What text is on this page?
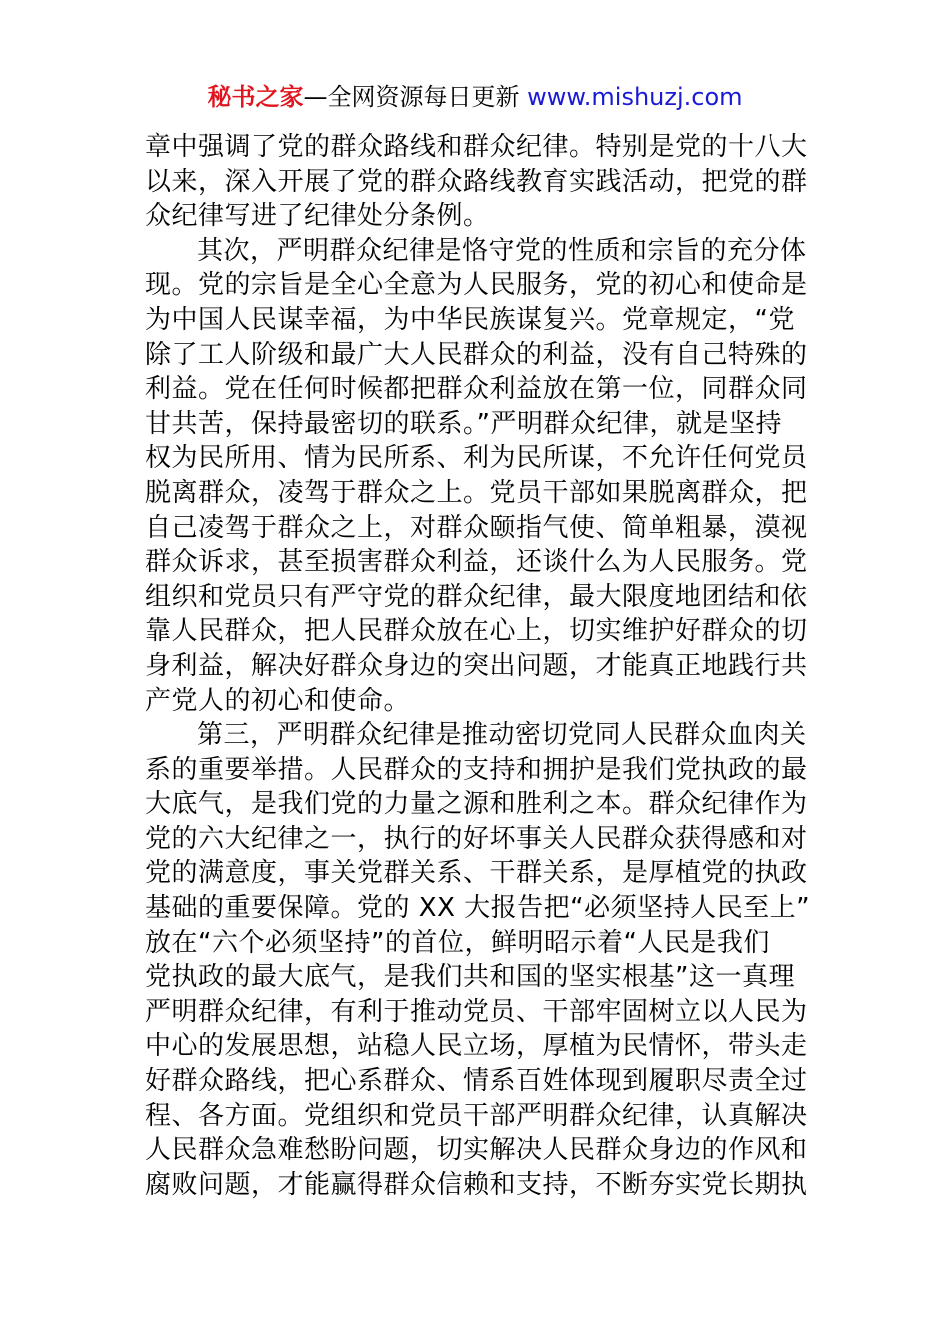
秘书之家—全网资源每日更新 www.mishuzj.com
章中强调了党的群众路线和群众纪律。特别是党的十八大
以来，深入开展了党的群众路线教育实践活动，把党的群
众纪律写进了纪律处分条例。
其次，严明群众纪律是恪守党的性质和宗旨的充分体
现。党的宗旨是全心全意为人民服务，党的初心和使命是
为中国人民谋幸福，为中华民族谋复兴。党章规定，“党
除了工人阶级和最广大人民群众的利益，没有自己特殊的
利益。党在任何时候都把群众利益放在第一位，同群众同
甘共苦，保持最密切的联系。”严明群众纪律，就是坚持
权为民所用、情为民所系、利为民所谋，不允许任何党员
脱离群众，凌驾于群众之上。党员干部如果脱离群众，把
自己凌驾于群众之上，对群众颐指气使、简单粗暴，漠视
群众诉求，甚至损害群众利益，还谈什么为人民服务。党
组织和党员只有严守党的群众纪律，最大限度地团结和依
靠人民群众，把人民群众放在心上，切实维护好群众的切
身利益，解决好群众身边的突出问题，才能真正地践行共
产党人的初心和使命。
第三，严明群众纪律是推动密切党同人民群众血肉关
系的重要举措。人民群众的支持和拥护是我们党执政的最
大底气，是我们党的力量之源和胜利之本。群众纪律作为
党的六大纪律之一，执行的好坏事关人民群众获得感和对
党的满意度，事关党群关系、干群关系，是厚植党的执政
基础的重要保障。党的 XX 大报告把“必须坚持人民至上”
放在“六个必须坚持”的首位，鲜明昭示着“人民是我们
党执政的最大底气，是我们共和国的坚实根基”这一真理
严明群众纪律，有利于推动党员、干部牢固树立以人民为
中心的发展思想，站稳人民立场，厚植为民情怀，带头走
好群众路线，把心系群众、情系百姓体现到履职尽责全过
程、各方面。党组织和党员干部严明群众纪律，认真解决
人民群众急难愁盼问题，切实解决人民群众身边的作风和
腐败问题，才能赢得群众信赖和支持，不断夯实党长期执
